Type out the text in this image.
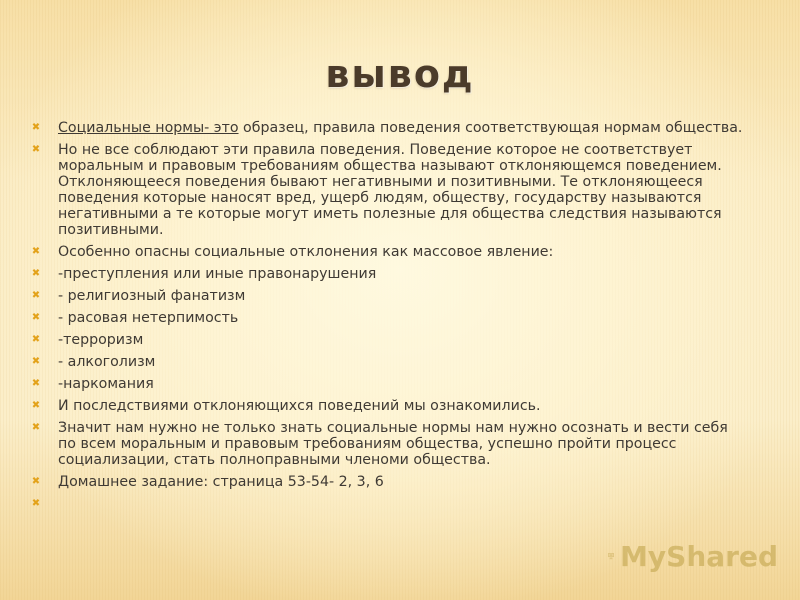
вывод
✖ Социальные нормы- это образец, правила поведения соответствующая нормам общества.
✖ Но не все соблюдают эти правила поведения. Поведение которое не соответствует моральным и правовым требованиям общества называют отклоняющемся поведением. Отклоняющееся поведения бывают негативными и позитивными. Те отклоняющееся поведения которые наносят вред, ущерб людям, обществу, государству называются негативными а те которые могут иметь полезные для общества следствия называются позитивными.
✖ Особенно опасны социальные отклонения как массовое явление:
✖ -преступления или иные правонарушения
✖ - религиозный фанатизм
✖ - расовая нетерпимость
✖ -терроризм
✖ - алкоголизм
✖ -наркомания
✖ И последствиями отклоняющихся поведений мы ознакомились.
✖ Значит нам нужно не только знать социальные нормы нам нужно осознать и вести себя по всем моральным и правовым требованиям общества, успешно пройти процесс социализации, стать полноправными членоми общества.
✖ Домашнее задание: страница 53-54- 2, 3, 6
✖
MyShared
